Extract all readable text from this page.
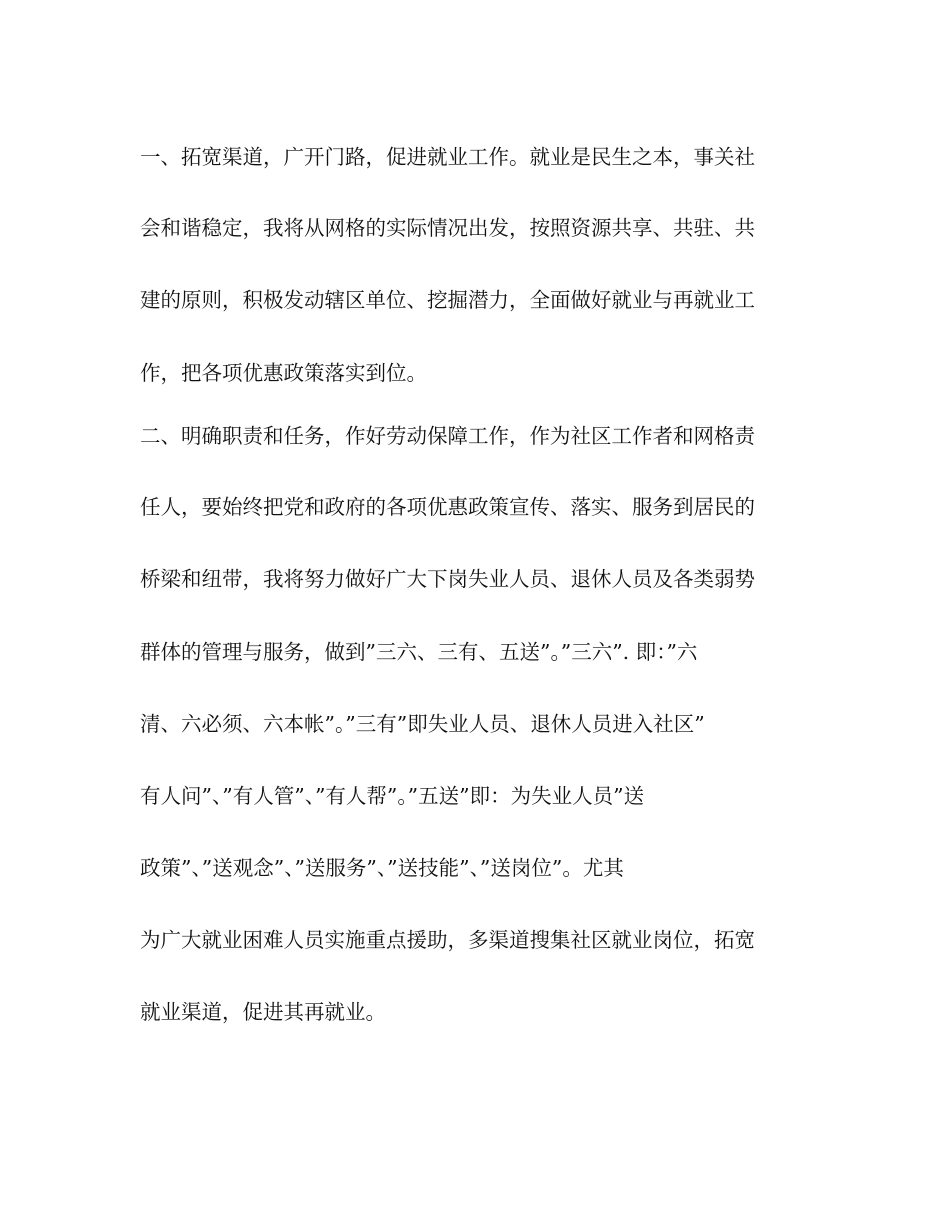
一、拓宽渠道，广开门路，促进就业工作。就业是民生之本，事关社
会和谐稳定，我将从网格的实际情况出发，按照资源共享、共驻、共
建的原则，积极发动辖区单位、挖掘潜力，全面做好就业与再就业工
作，把各项优惠政策落实到位。
二、明确职责和任务，作好劳动保障工作，作为社区工作者和网格责
任人，要始终把党和政府的各项优惠政策宣传、落实、服务到居民的
桥梁和纽带，我将努力做好广大下岗失业人员、退休人员及各类弱势
群体的管理与服务，做到”三六、三有、五送”。”三六”. 即：”六
清、六必须、六本帐”。”三有”即失业人员、退休人员进入社区”
有人问”、”有人管”、”有人帮”。”五送”即：为失业人员”送
政策”、”送观念”、”送服务”、”送技能”、”送岗位”。尤其
为广大就业困难人员实施重点援助，多渠道搜集社区就业岗位，拓宽
就业渠道，促进其再就业。
